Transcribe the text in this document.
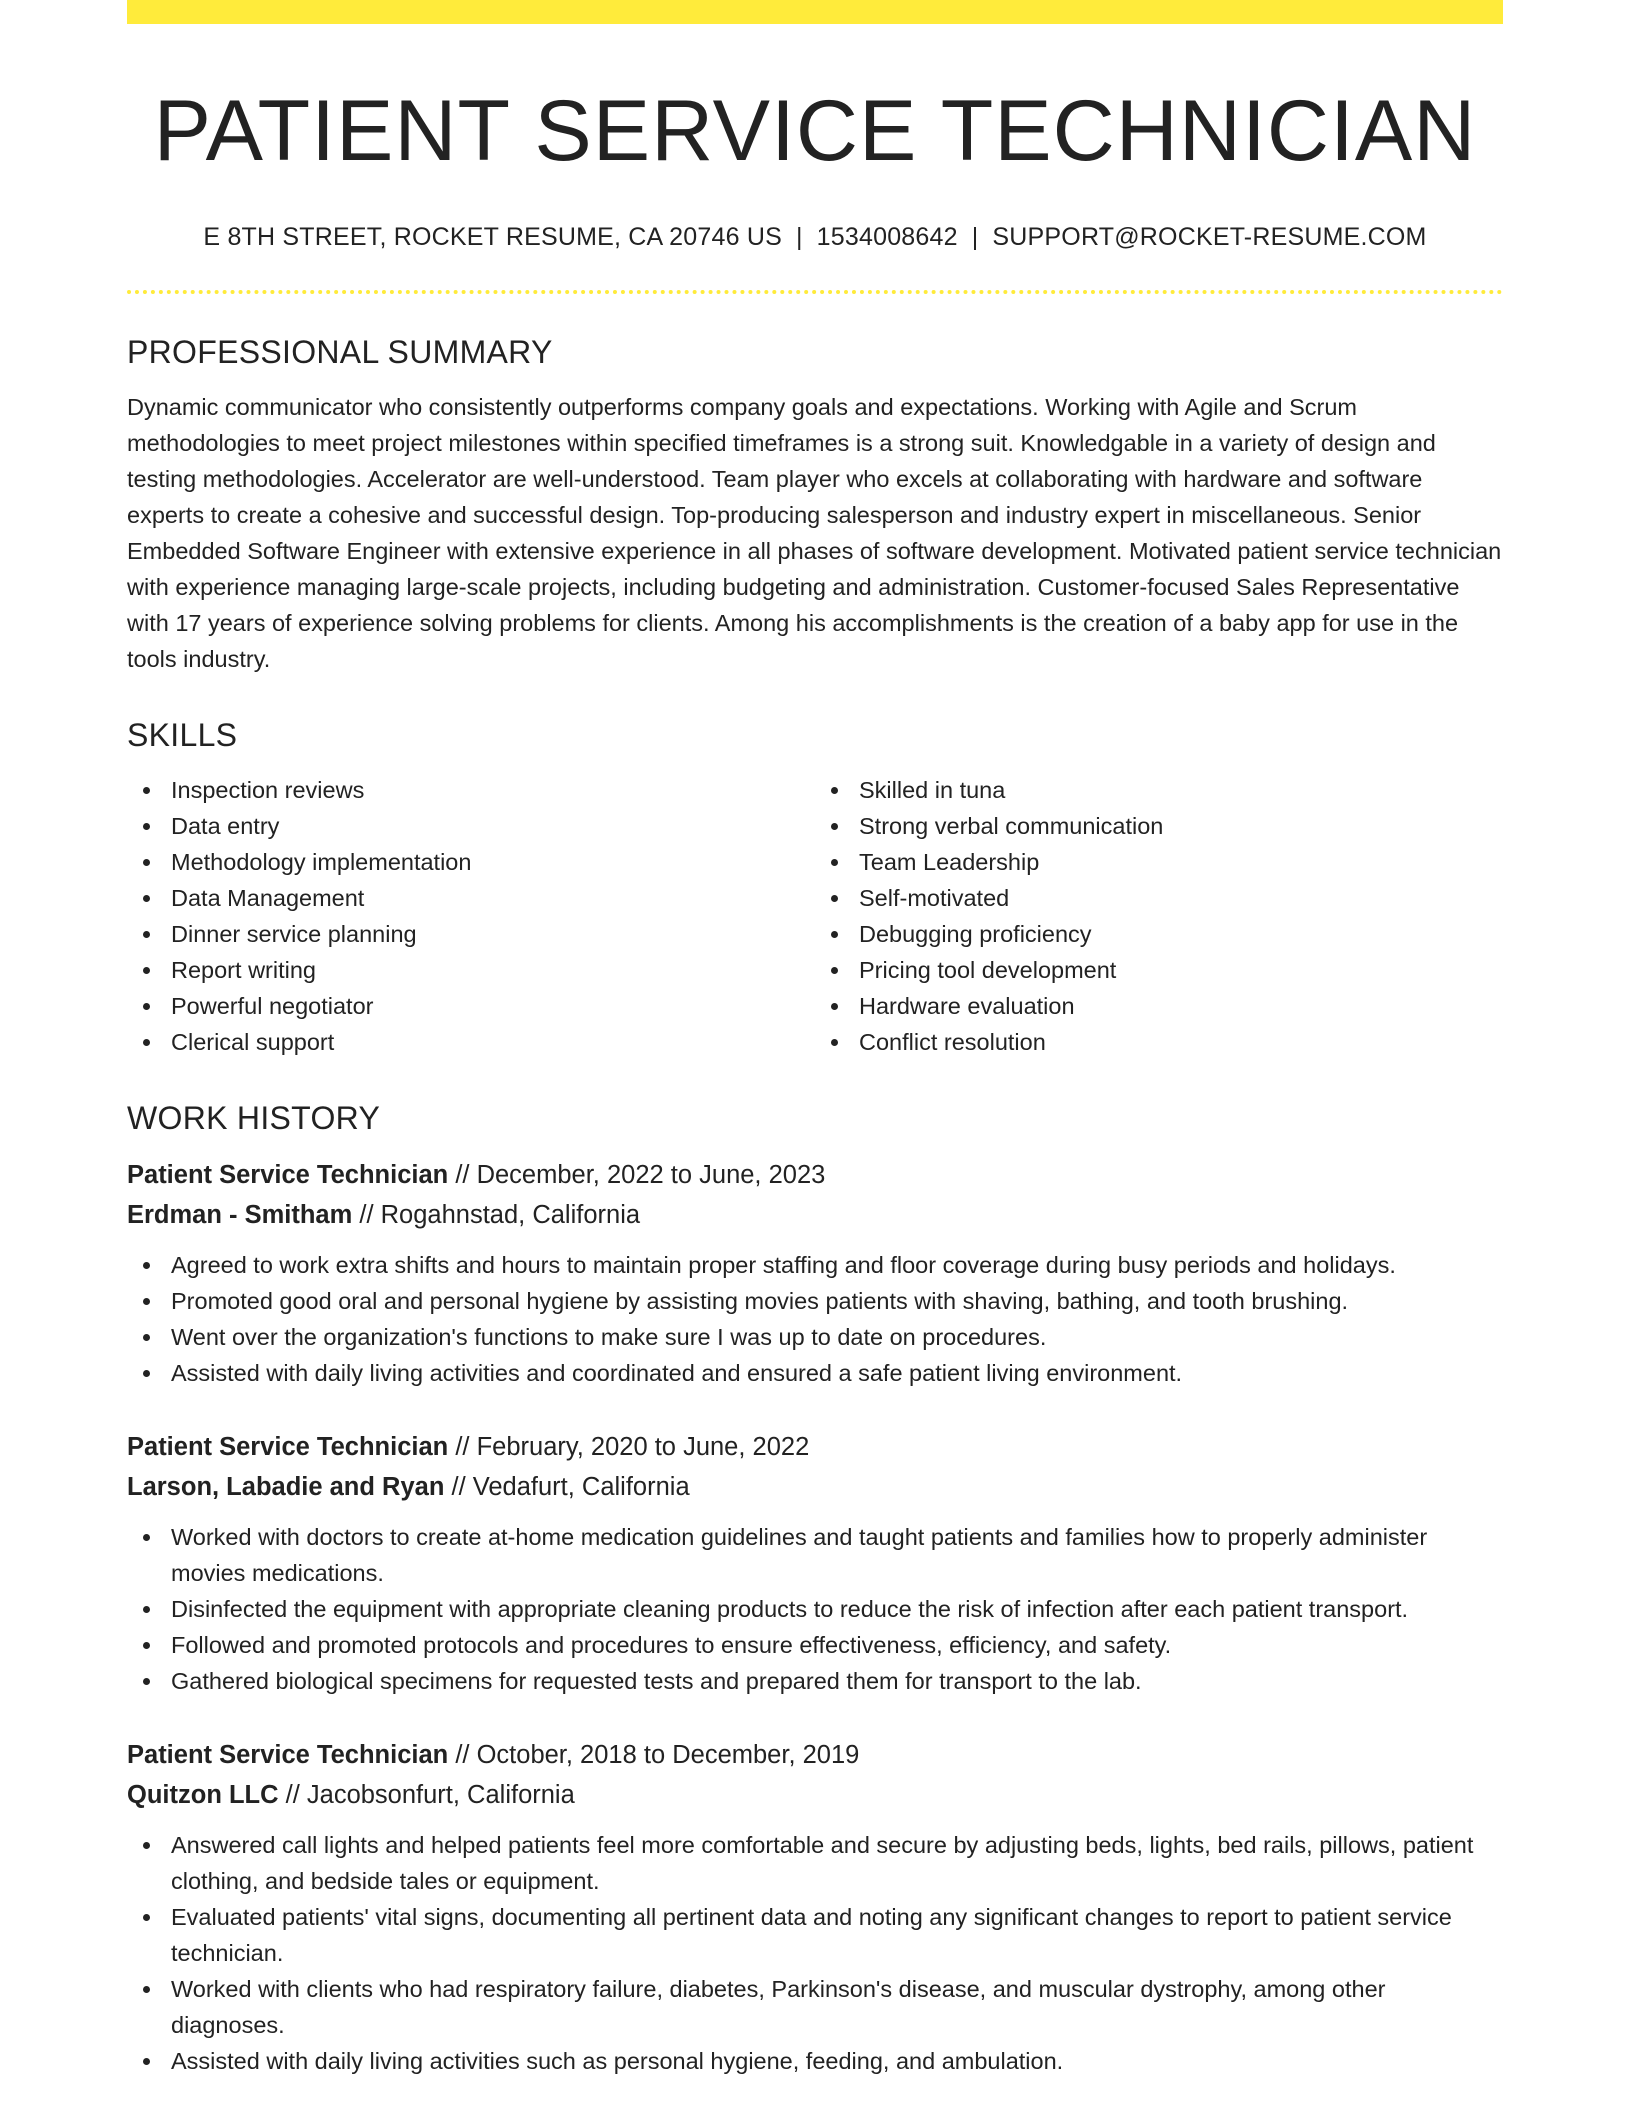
PATIENT SERVICE TECHNICIAN
E 8TH STREET, ROCKET RESUME, CA 20746 US | 1534008642 | SUPPORT@ROCKET-RESUME.COM
PROFESSIONAL SUMMARY

Dynamic communicator who consistently outperforms company goals and expectations. Working with Agile and Scrum methodologies to meet project milestones within specified timeframes is a strong suit. Knowledgable in a variety of design and testing methodologies. Accelerator are well-understood. Team player who excels at collaborating with hardware and software experts to create a cohesive and successful design. Top-producing salesperson and industry expert in miscellaneous. Senior Embedded Software Engineer with extensive experience in all phases of software development. Motivated patient service technician with experience managing large-scale projects, including budgeting and administration. Customer-focused Sales Representative with 17 years of experience solving problems for clients. Among his accomplishments is the creation of a baby app for use in the tools industry.

SKILLS
Inspection reviews
Data entry
Methodology implementation
Data Management
Dinner service planning
Report writing
Powerful negotiator
Clerical support
Skilled in tuna
Strong verbal communication
Team Leadership
Self-motivated
Debugging proficiency
Pricing tool development
Hardware evaluation
Conflict resolution
WORK HISTORY
Patient Service Technician // December, 2022 to June, 2023
Erdman - Smitham // Rogahnstad, California
Agreed to work extra shifts and hours to maintain proper staffing and floor coverage during busy periods and holidays.
Promoted good oral and personal hygiene by assisting movies patients with shaving, bathing, and tooth brushing.
Went over the organization's functions to make sure I was up to date on procedures.
Assisted with daily living activities and coordinated and ensured a safe patient living environment.
Patient Service Technician // February, 2020 to June, 2022
Larson, Labadie and Ryan // Vedafurt, California
Worked with doctors to create at-home medication guidelines and taught patients and families how to properly administer movies medications.
Disinfected the equipment with appropriate cleaning products to reduce the risk of infection after each patient transport.
Followed and promoted protocols and procedures to ensure effectiveness, efficiency, and safety.
Gathered biological specimens for requested tests and prepared them for transport to the lab.
Patient Service Technician // October, 2018 to December, 2019
Quitzon LLC // Jacobsonfurt, California
Answered call lights and helped patients feel more comfortable and secure by adjusting beds, lights, bed rails, pillows, patient clothing, and bedside tales or equipment.
Evaluated patients' vital signs, documenting all pertinent data and noting any significant changes to report to patient service technician.
Worked with clients who had respiratory failure, diabetes, Parkinson's disease, and muscular dystrophy, among other diagnoses.
Assisted with daily living activities such as personal hygiene, feeding, and ambulation.
